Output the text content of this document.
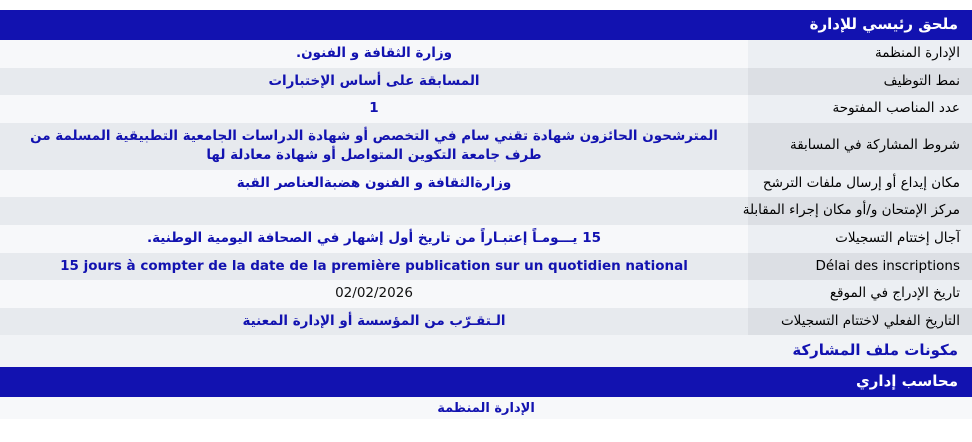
ملحق رئيسي للإدارة
الإدارة المنظمة	وزارة الثقافة و الفنون.
نمط التوظيف	المسابقة على أساس الإختبارات
عدد المناصب المفتوحة	1
شروط المشاركة في المسابقة	المترشحون الحائزون شهادة تقني سام في التخصص أو شهادة الدراسات الجامعية التطبيقية المسلمة من طرف جامعة التكوين المتواصل أو شهادة معادلة لها
مكان إيداع أو إرسال ملفات الترشح	وزارةالثقافة و الفنون هضبةالعناصر القبة
مركز الإمتحان و/أو مكان إجراء المقابلة	
آجال إختتام التسجيلات	15 يـــومـاً إعتبـاراً من تاريخ أول إشهار في الصحافة اليومية الوطنية.
Délai des inscriptions	15 jours à compter de la date de la première publication sur un quotidien national
تاريخ الإدراج في الموقع	02/02/2026
التاريخ الفعلي لاختتام التسجيلات	الـتقـرّب من المؤسسة أو الإدارة المعنية
مكونات ملف المشاركة
محاسب إداري
الإدارة المنظمة
